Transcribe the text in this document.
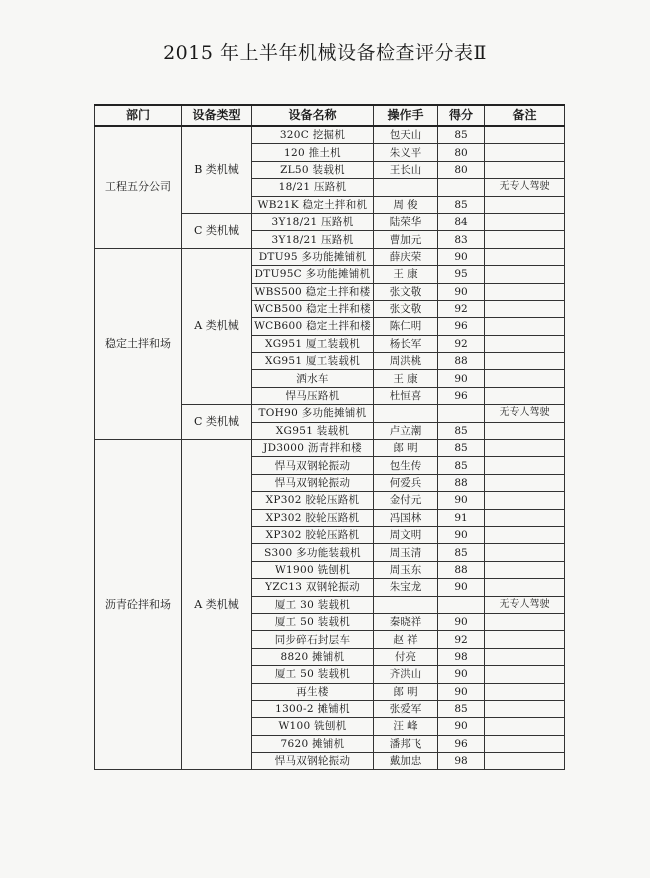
2015 年上半年机械设备检查评分表Ⅱ
部门	设备类型	设备名称	操作手	得分	备注
工程五分公司	B 类机械	320C 挖掘机	包天山	85	
		120 推土机	朱义平	80	
		ZL50 装载机	王长山	80	
		18/21 压路机			无专人驾驶
		WB21K 稳定土拌和机	周 俊	85	
	C 类机械	3Y18/21 压路机	陆荣华	84	
		3Y18/21 压路机	曹加元	83	
稳定土拌和场	A 类机械	DTU95 多功能摊铺机	薛庆荣	90	
		DTU95C 多功能摊铺机	王 康	95	
		WBS500 稳定土拌和楼	张文敬	90	
		WCB500 稳定土拌和楼	张文敬	92	
		WCB600 稳定土拌和楼	陈仁明	96	
		XG951 厦工装载机	杨长军	92	
		XG951 厦工装载机	周洪桃	88	
		洒水车	王 康	90	
		悍马压路机	杜恒喜	96	
	C 类机械	TOH90 多功能摊铺机			无专人驾驶
		XG951 装载机	卢立潮	85	
沥青砼拌和场	A 类机械	JD3000 沥青拌和楼	郎 明	85	
		悍马双钢轮振动	包生传	85	
		悍马双钢轮振动	何爱兵	88	
		XP302 胶轮压路机	金付元	90	
		XP302 胶轮压路机	冯国林	91	
		XP302 胶轮压路机	周文明	90	
		S300 多功能装载机	周玉清	85	
		W1900 铣刨机	周玉东	88	
		YZC13 双钢轮振动	朱宝龙	90	
		厦工 30 装载机			无专人驾驶
		厦工 50 装载机	秦晓祥	90	
		同步碎石封层车	赵 祥	92	
		8820 摊铺机	付亮	98	
		厦工 50 装载机	齐洪山	90	
		再生楼	郎 明	90	
		1300-2 摊铺机	张爱军	85	
		W100 铣刨机	汪 峰	90	
		7620 摊铺机	潘邦飞	96	
		悍马双钢轮振动	戴加忠	98	
